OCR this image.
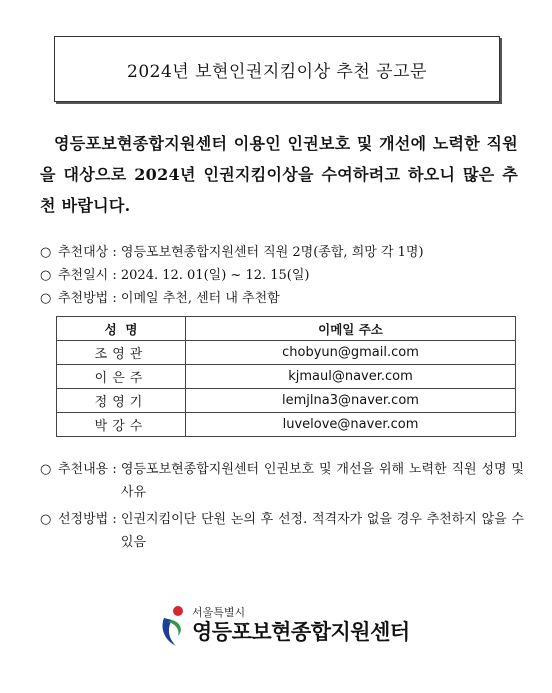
2024년 보현인권지킴이상 추천 공고문
영등포보현종합지원센터 이용인 인권보호 및 개선에 노력한 직원을 대상으로 2024년 인권지킴이상을 수여하려고 하오니 많은 추천 바랍니다.
○ 추천대상 : 영등포보현종합지원센터 직원 2명(종합, 희망 각 1명)
○ 추천일시 : 2024. 12. 01(일) ~ 12. 15(일)
○ 추천방법 : 이메일 추천, 센터 내 추천함
성  명	이메일 주소
조영관	chobyun@gmail.com
이은주	kjmaul@naver.com
정영기	lemjlna3@naver.com
박강수	luvelove@naver.com
○ 추천내용 : 영등포보현종합지원센터 인권보호 및 개선을 위해 노력한 직원 성명 및 사유
○ 선정방법 : 인권지킴이단 단원 논의 후 선정. 적격자가 없을 경우 추천하지 않을 수 있음
서울특별시
영등포보현종합지원센터
